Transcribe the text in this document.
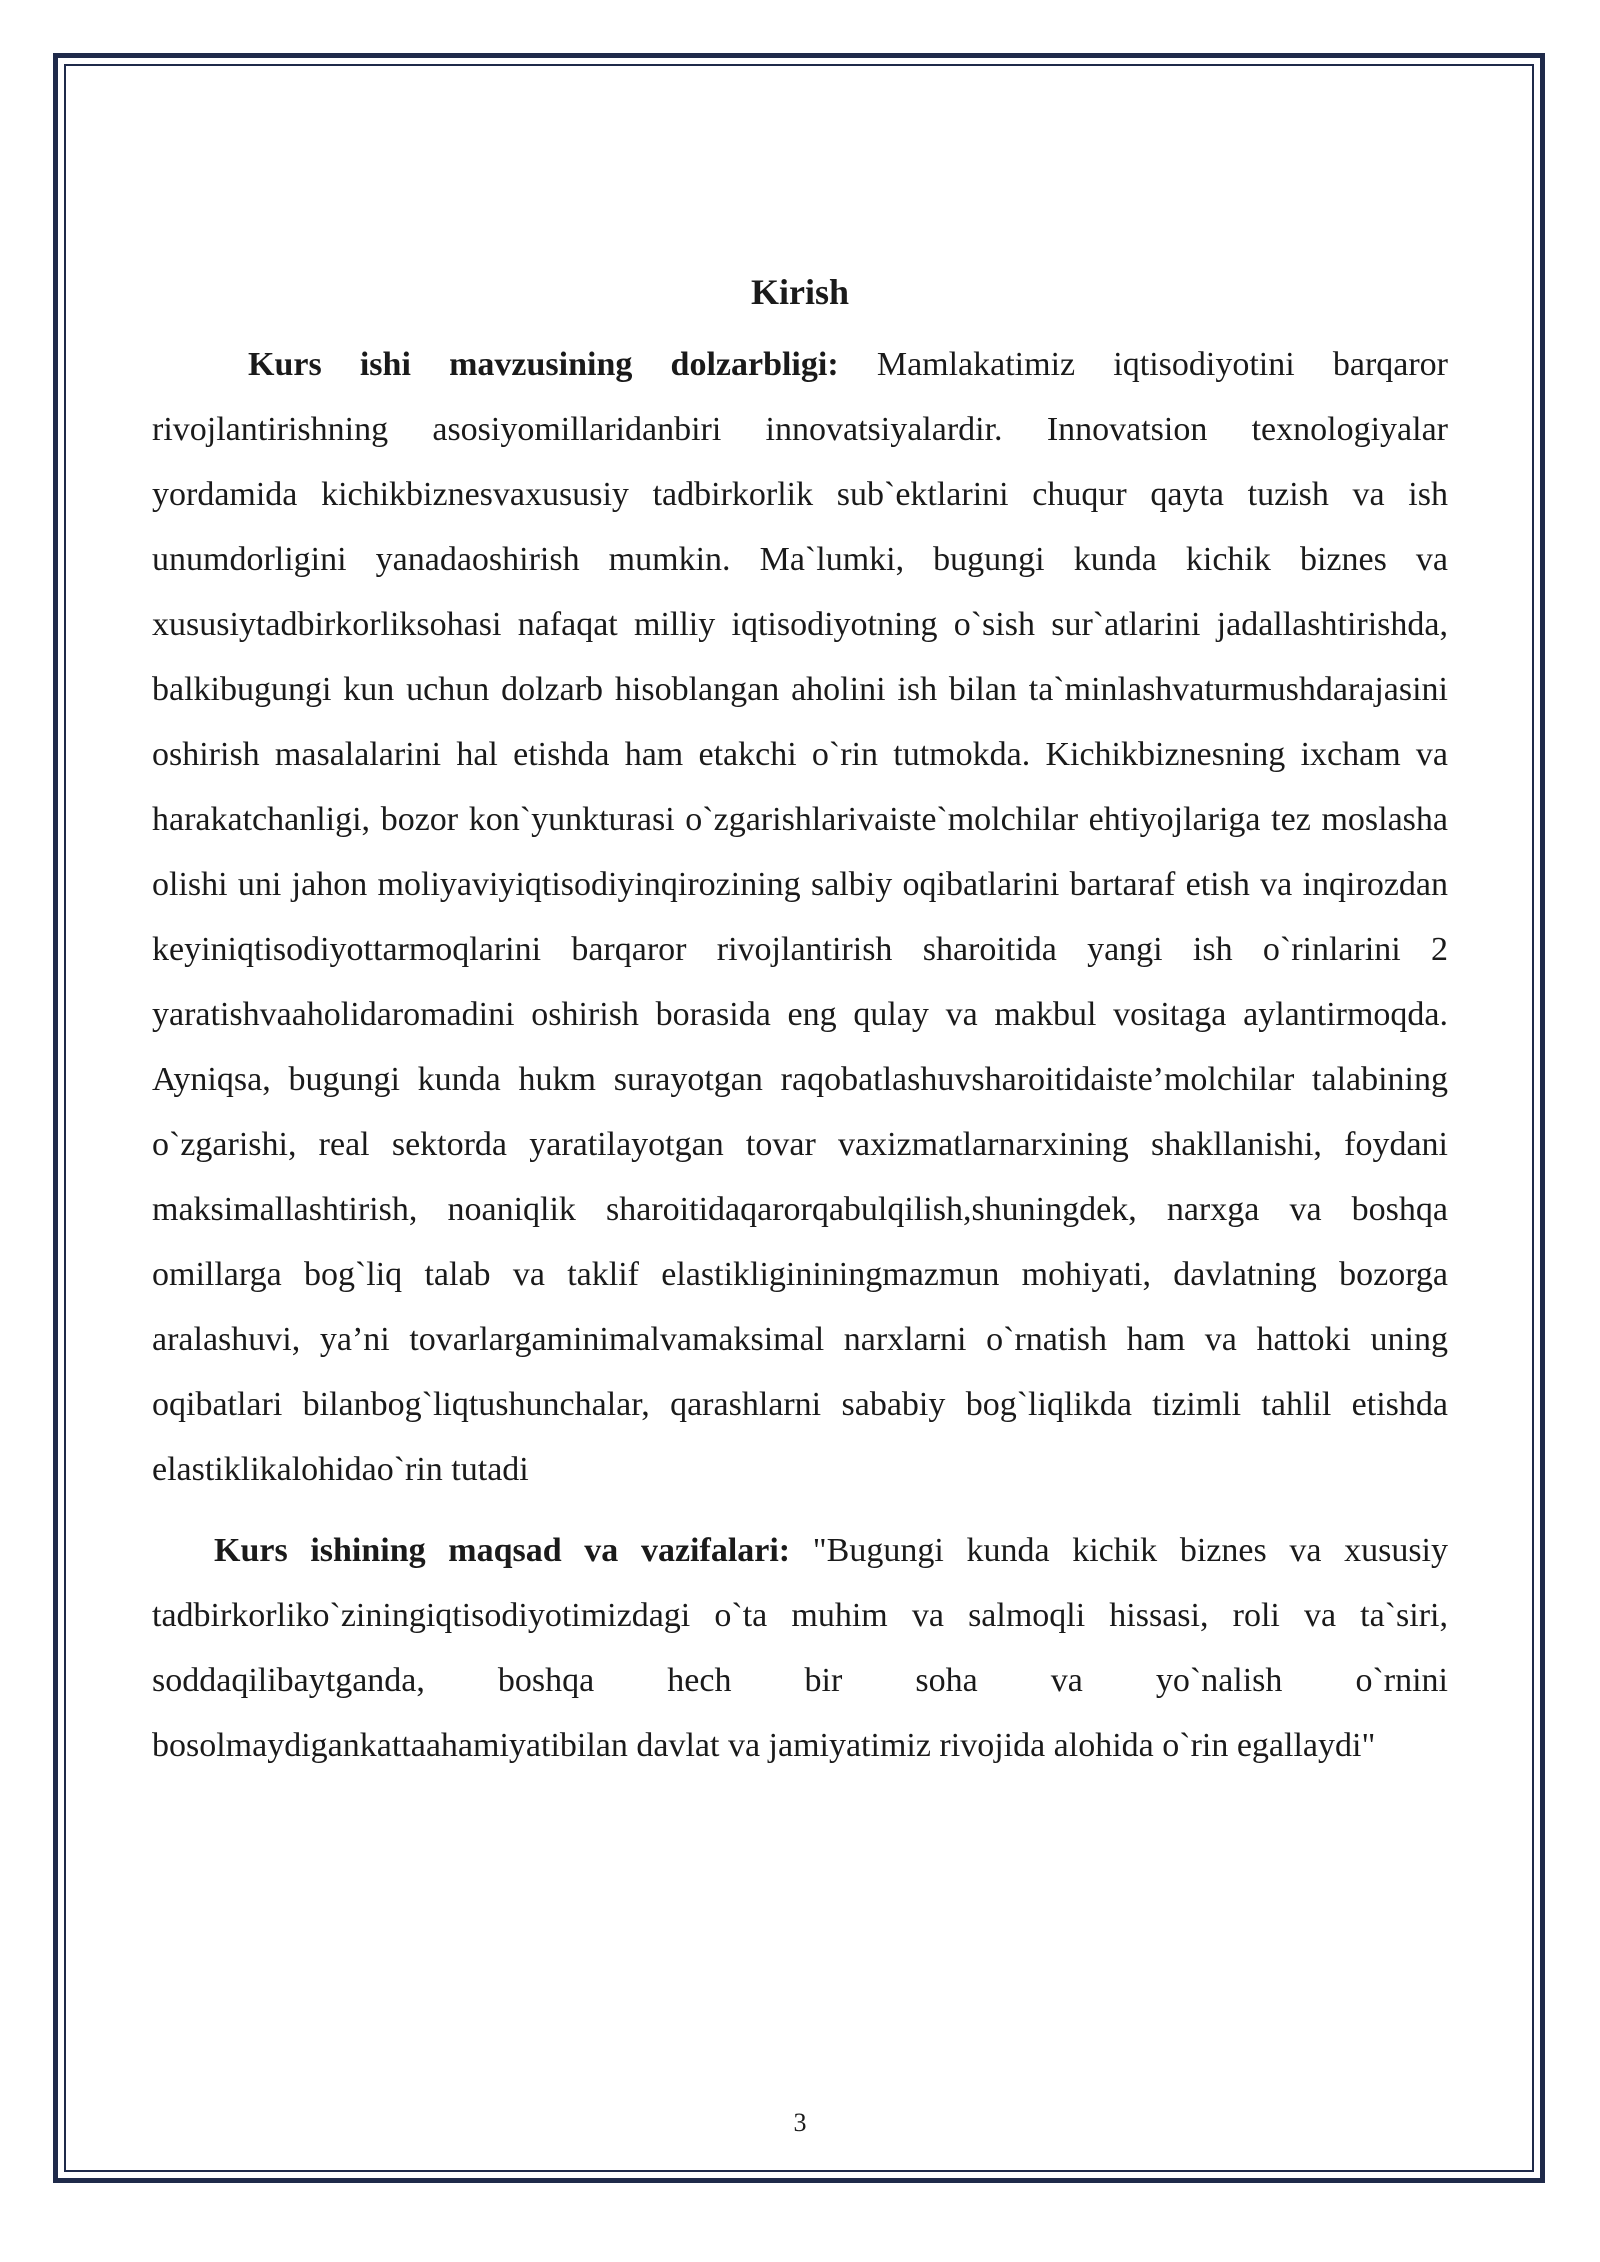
Kirish

Kurs ishi mavzusining dolzarbligi: Mamlakatimiz iqtisodiyotini barqaror rivojlantirishning asosiyomillaridanbiri innovatsiyalardir. Innovatsion texnologiyalar yordamida kichikbiznesvaxususiy tadbirkorlik sub`ektlarini chuqur qayta tuzish va ish unumdorligini yanadaoshirish mumkin. Ma`lumki, bugungi kunda kichik biznes va xususiytadbirkorliksohasi nafaqat milliy iqtisodiyotning o`sish sur`atlarini jadallashtirishda, balkibugungi kun uchun dolzarb hisoblangan aholini ish bilan ta`minlashvaturmushdarajasini oshirish masalalarini hal etishda ham etakchi o`rin tutmokda. Kichikbiznesning ixcham va harakatchanligi, bozor kon`yunkturasi o`zgarishlarivaiste`molchilar ehtiyojlariga tez moslasha olishi uni jahon moliyaviyiqtisodiyinqirozining salbiy oqibatlarini bartaraf etish va inqirozdan keyiniqtisodiyottarmoqlarini barqaror rivojlantirish sharoitida yangi ish o`rinlarini 2 yaratishvaaholidaromadini oshirish borasida eng qulay va makbul vositaga aylantirmoqda. Ayniqsa, bugungi kunda hukm surayotgan raqobatlashuvsharoitidaiste’molchilar talabining o`zgarishi, real sektorda yaratilayotgan tovar vaxizmatlarnarxining shakllanishi, foydani maksimallashtirish, noaniqlik sharoitidaqarorqabulqilish,shuningdek, narxga va boshqa omillarga bog`liq talab va taklif elastikligininingmazmun mohiyati, davlatning bozorga aralashuvi, ya’ni tovarlargaminimalvamaksimal narxlarni o`rnatish ham va hattoki uning oqibatlari bilanbog`liqtushunchalar, qarashlarni sababiy bog`liqlikda tizimli tahlil etishda elastiklikalohidao`rin tutadi

Kurs ishining maqsad va vazifalari: "Bugungi kunda kichik biznes va xususiy tadbirkorliko`ziningiqtisodiyotimizdagi o`ta muhim va salmoqli hissasi, roli va ta`siri, soddaqilibaytganda, boshqa hech bir soha va yo`nalish o`rnini bosolmaydigankattaahamiyatibilan davlat va jamiyatimiz rivojida alohida o`rin egallaydi"

3
